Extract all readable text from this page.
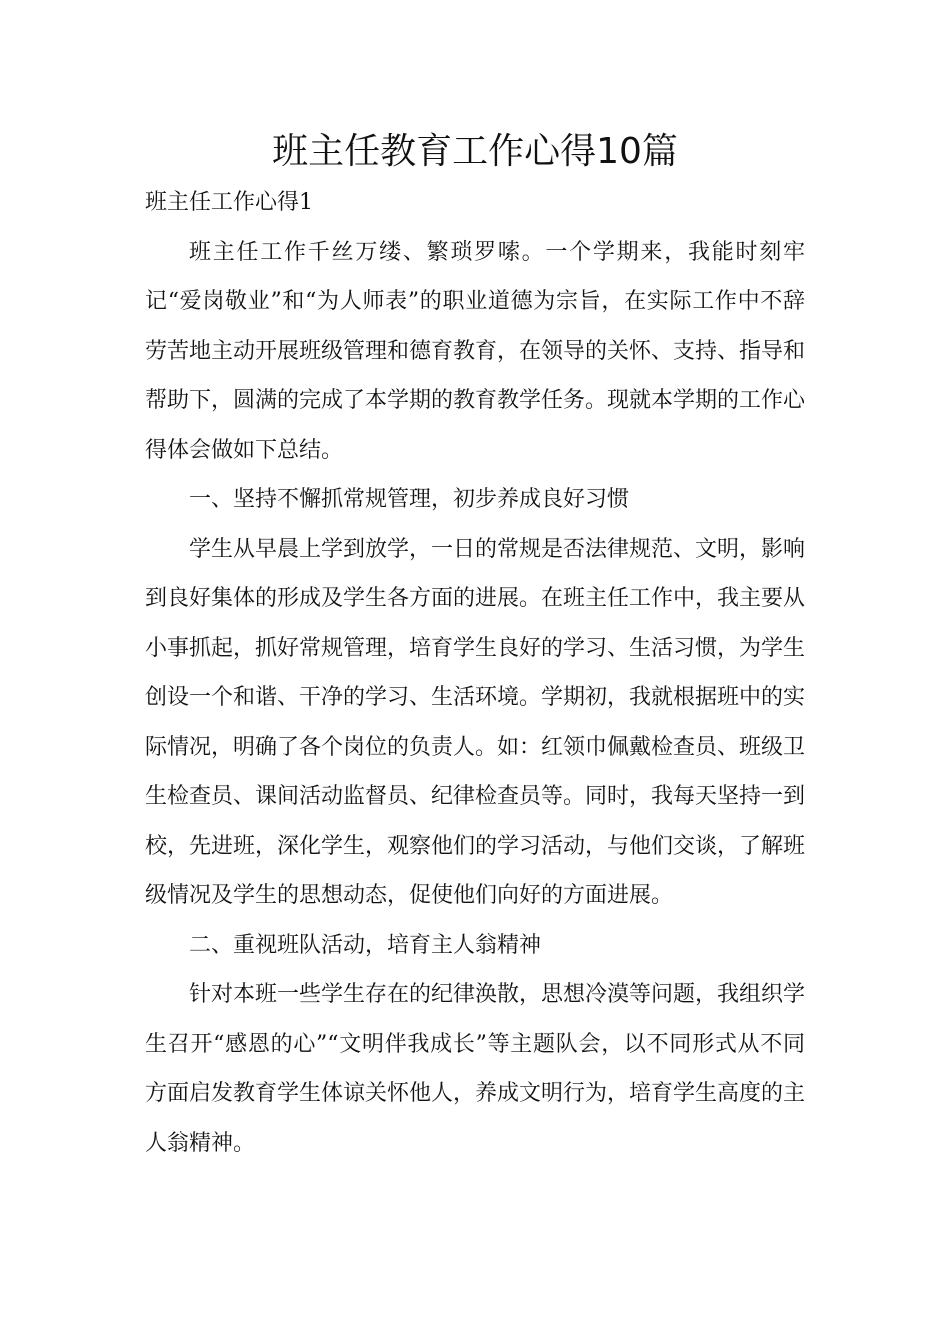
班主任教育工作心得10篇

班主任工作心得1

班主任工作千丝万缕、繁琐罗嗦。一个学期来，我能时刻牢记“爱岗敬业”和“为人师表”的职业道德为宗旨，在实际工作中不辞劳苦地主动开展班级管理和德育教育，在领导的关怀、支持、指导和帮助下，圆满的完成了本学期的教育教学任务。现就本学期的工作心得体会做如下总结。

一、坚持不懈抓常规管理，初步养成良好习惯

学生从早晨上学到放学，一日的常规是否法律规范、文明，影响到良好集体的形成及学生各方面的进展。在班主任工作中，我主要从小事抓起，抓好常规管理，培育学生良好的学习、生活习惯，为学生创设一个和谐、干净的学习、生活环境。学期初，我就根据班中的实际情况，明确了各个岗位的负责人。如：红领巾佩戴检查员、班级卫生检查员、课间活动监督员、纪律检查员等。同时，我每天坚持一到校，先进班，深化学生，观察他们的学习活动，与他们交谈，了解班级情况及学生的思想动态，促使他们向好的方面进展。

二、重视班队活动，培育主人翁精神

针对本班一些学生存在的纪律涣散，思想冷漠等问题，我组织学生召开“感恩的心”“文明伴我成长”等主题队会，以不同形式从不同方面启发教育学生体谅关怀他人，养成文明行为，培育学生高度的主人翁精神。
